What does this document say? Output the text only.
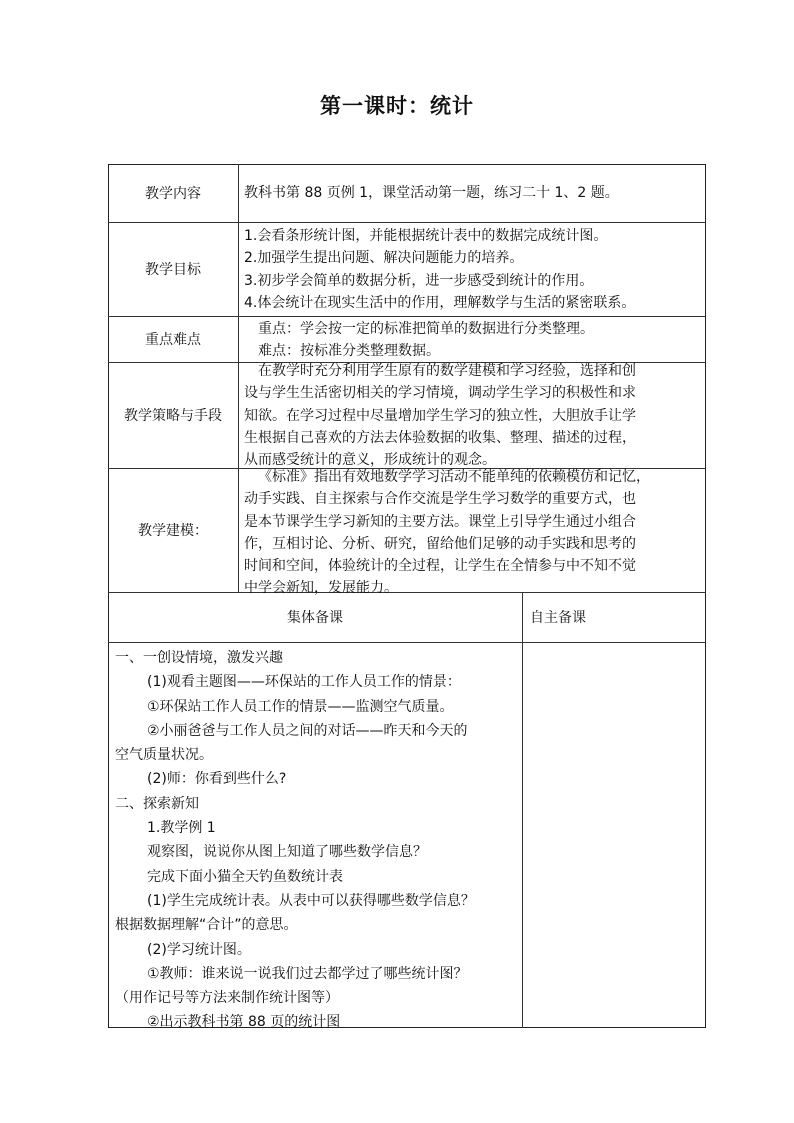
第一课时：统计
教学内容
教学目标
重点难点
教学策略与手段
教学建模：

教科书第 88 页例 1，课堂活动第一题，练习二十 1、2 题。

1.会看条形统计图，并能根据统计表中的数据完成统计图。

2.加强学生提出问题、解决问题能力的培养。

3.初步学会简单的数据分析，进一步感受到统计的作用。

4.体会统计在现实生活中的作用，理解数学与生活的紧密联系。

重点：学会按一定的标准把简单的数据进行分类整理。

难点：按标准分类整理数据。

在教学时充分利用学生原有的数学建模和学习经验，选择和创

设与学生生活密切相关的学习情境，调动学生学习的积极性和求

知欲。在学习过程中尽量增加学生学习的独立性，大胆放手让学

生根据自己喜欢的方法去体验数据的收集、整理、描述的过程，

从而感受统计的意义，形成统计的观念。

《标准》指出有效地数学学习活动不能单纯的依赖模仿和记忆，

动手实践、自主探索与合作交流是学生学习数学的重要方式，也

是本节课学生学习新知的主要方法。课堂上引导学生通过小组合

作，互相讨论、分析、研究，留给他们足够的动手实践和思考的

时间和空间，体验统计的全过程，让学生在全情参与中不知不觉

中学会新知，发展能力。

集体备课	自主备课

一、一创设情境，激发兴趣

(1)观看主题图——环保站的工作人员工作的情景：

①环保站工作人员工作的情景——监测空气质量。

②小丽爸爸与工作人员之间的对话——昨天和今天的

空气质量状况。

(2)师：你看到些什么?

二、探索新知

1.教学例 1

观察图，说说你从图上知道了哪些数学信息？

完成下面小猫全天钓鱼数统计表

(1)学生完成统计表。从表中可以获得哪些数学信息？

根据数据理解“合计”的意思。

(2)学习统计图。

①教师：谁来说一说我们过去都学过了哪些统计图？

（用作记号等方法来制作统计图等）

②出示教科书第 88 页的统计图
